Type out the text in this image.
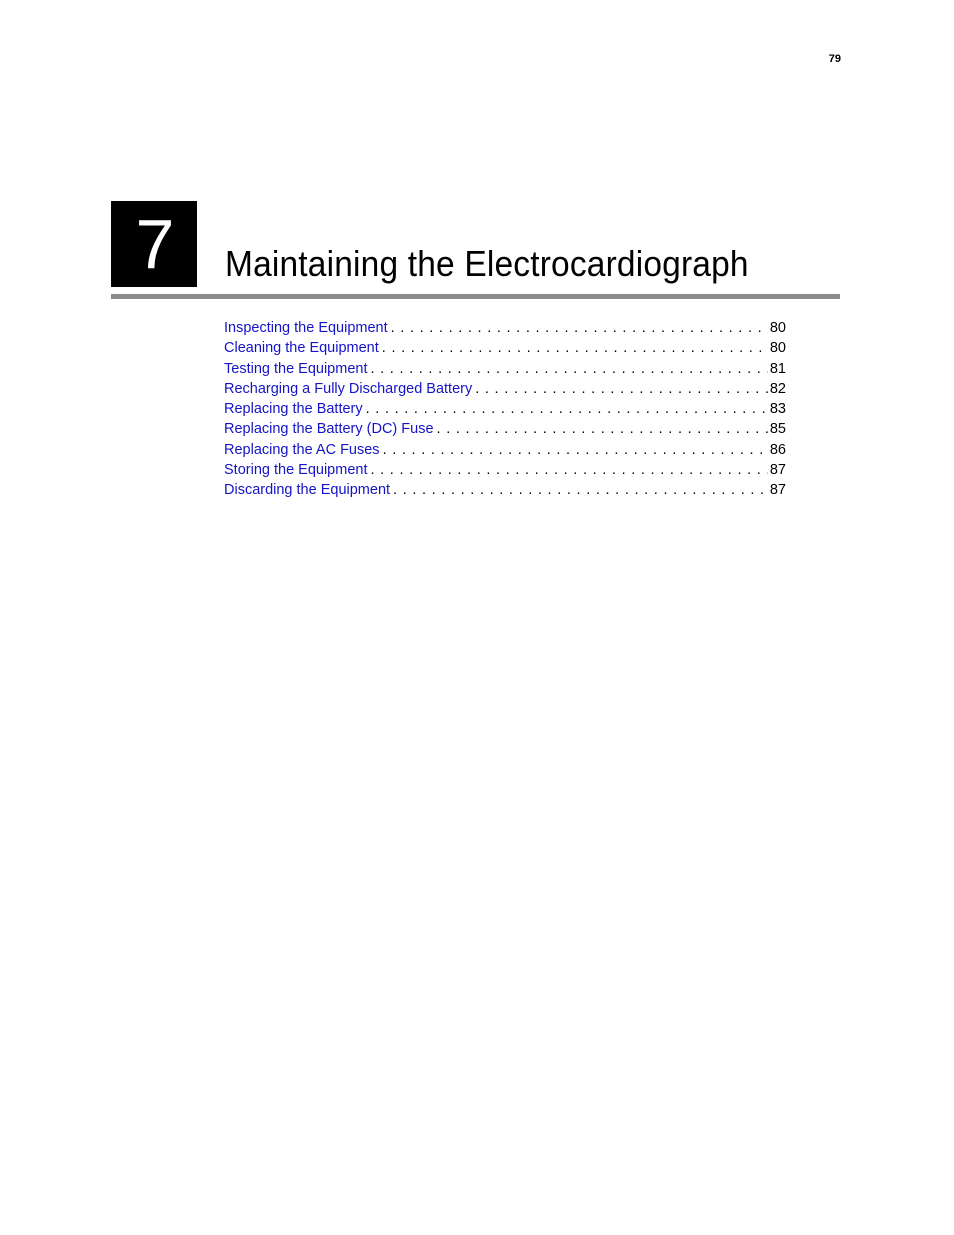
79
7	Maintaining the Electrocardiograph
Inspecting the Equipment . . .	80
Cleaning the Equipment . . .	80
Testing the Equipment . . .	81
Recharging a Fully Discharged Battery . . .	82
Replacing the Battery . . .	83
Replacing the Battery (DC) Fuse . . .	85
Replacing the AC Fuses . . .	86
Storing the Equipment . . .	87
Discarding the Equipment . . .	87
